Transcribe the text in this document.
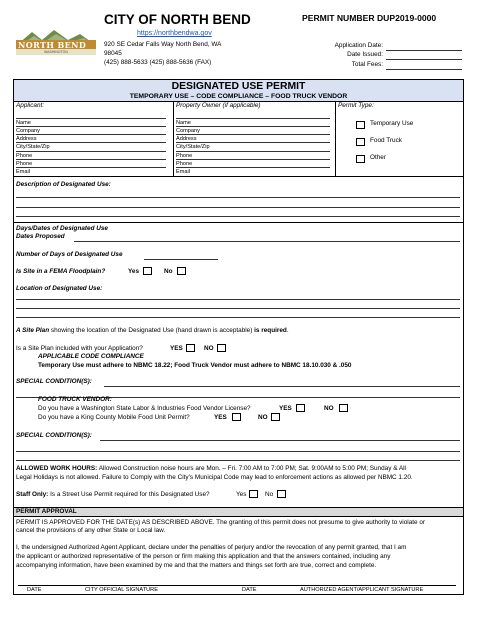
NORTH BEND
WASHINGTON
CITY OF NORTH BEND
https://northbendwa.gov
920 SE Cedar Falls Way North Bend, WA
98045
(425) 888-5633 (425) 888-5636 (FAX)
PERMIT NUMBER DUP2019-0000
Application Date:
Date Issued:
Total Fees:
DESIGNATED USE PERMIT
TEMPORARY USE – CODE COMPLIANCE – FOOD TRUCK VENDOR
Applicant:
Name
Company
Address
City/State/Zip
Phone
Phone
Email
Property Owner (if applicable)
Name
Company
Address
City/State/Zip
Phone
Phone
Email
Permit Type:
Temporary Use
Food Truck
Other
Description of Designated Use:
Days/Dates of Designated Use
Dates Proposed
Number of Days of Designated Use
Is Site in a FEMA Floodplain?	Yes	No
Location of Designated Use:
A Site Plan showing the location of the Designated Use (hand drawn is acceptable) is required.
Is a Site Plan included with your Application?	YES	NO
APPLICABLE CODE COMPLIANCE
Temporary Use must adhere to NBMC 18.22; Food Truck Vendor must adhere to NBMC 18.10.030 & .050
SPECIAL CONDITION(S):
FOOD TRUCK VENDOR:
Do you have a Washington State Labor & Industries Food Vendor License?	YES	NO
Do you have a King County Mobile Food Unit Permit?	YES	NO
SPECIAL CONDITION(S):
ALLOWED WORK HOURS: Allowed Construction noise hours are Mon. – Fri. 7:00 AM to 7:00 PM; Sat. 9:00AM to 5:00 PM; Sunday & All
Legal Holidays is not allowed. Failure to Comply with the City’s Municipal Code may lead to enforcement actions as allowed per NBMC 1.20.
Staff Only: Is a Street Use Permit required for this Designated Use?	Yes	No
PERMIT APPROVAL
PERMIT IS APPROVED FOR THE DATE(s) AS DESCRIBED ABOVE. The granting of this permit does not presume to give authority to violate or
cancel the provisions of any other State or Local law.
I, the undersigned Authorized Agent Applicant, declare under the penalties of perjury and/or the revocation of any permit granted, that I am
the applicant or authorized representative of the person or firm making this application and that the answers contained, including any
accompanying information, have been examined by me and that the matters and things set forth are true, correct and complete.
DATE	CITY OFFICIAL SIGNATURE	DATE	AUTHORIZED AGENT/APPLICANT SIGNATURE
